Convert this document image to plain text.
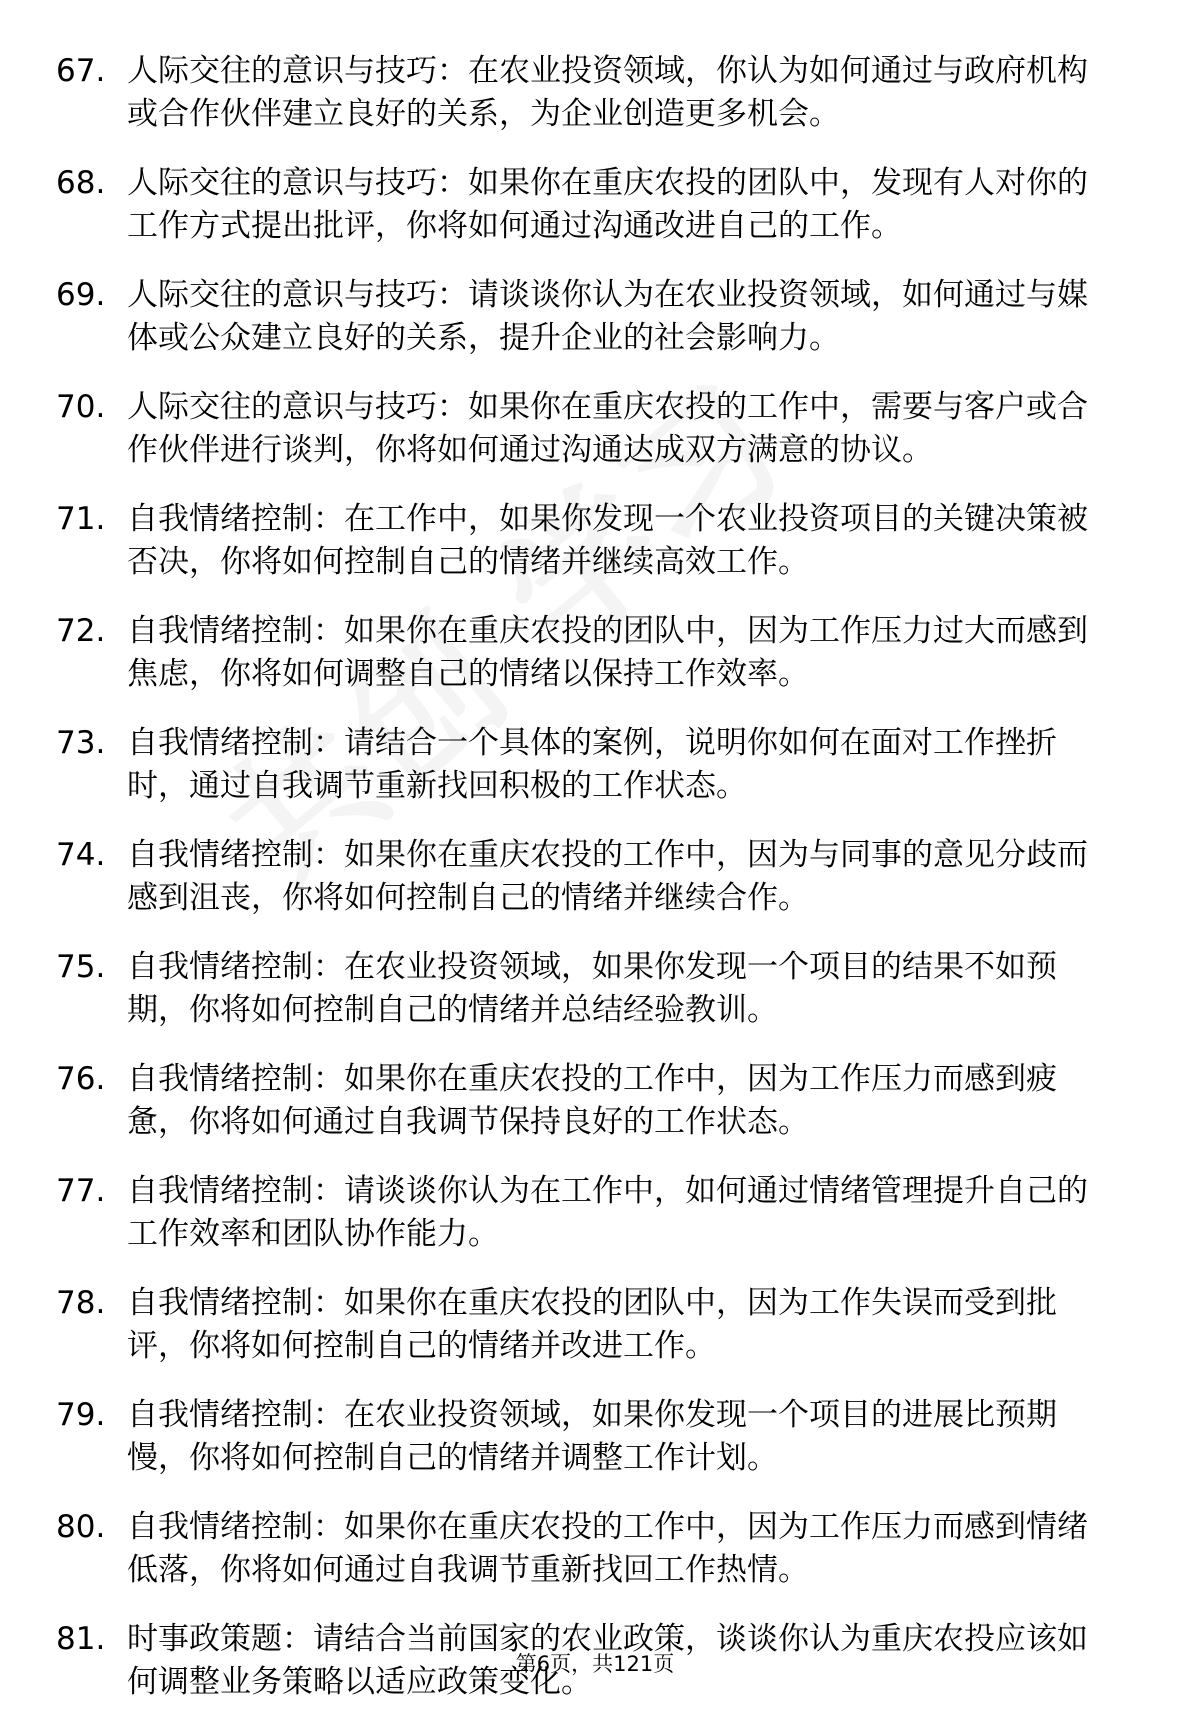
67. 人际交往的意识与技巧：在农业投资领域，你认为如何通过与政府机构或合作伙伴建立良好的关系，为企业创造更多机会。
68. 人际交往的意识与技巧：如果你在重庆农投的团队中，发现有人对你的工作方式提出批评，你将如何通过沟通改进自己的工作。
69. 人际交往的意识与技巧：请谈谈你认为在农业投资领域，如何通过与媒体或公众建立良好的关系，提升企业的社会影响力。
70. 人际交往的意识与技巧：如果你在重庆农投的工作中，需要与客户或合作伙伴进行谈判，你将如何通过沟通达成双方满意的协议。
71. 自我情绪控制：在工作中，如果你发现一个农业投资项目的关键决策被否决，你将如何控制自己的情绪并继续高效工作。
72. 自我情绪控制：如果你在重庆农投的团队中，因为工作压力过大而感到焦虑，你将如何调整自己的情绪以保持工作效率。
73. 自我情绪控制：请结合一个具体的案例，说明你如何在面对工作挫折时，通过自我调节重新找回积极的工作状态。
74. 自我情绪控制：如果你在重庆农投的工作中，因为与同事的意见分歧而感到沮丧，你将如何控制自己的情绪并继续合作。
75. 自我情绪控制：在农业投资领域，如果你发现一个项目的结果不如预期，你将如何控制自己的情绪并总结经验教训。
76. 自我情绪控制：如果你在重庆农投的工作中，因为工作压力而感到疲惫，你将如何通过自我调节保持良好的工作状态。
77. 自我情绪控制：请谈谈你认为在工作中，如何通过情绪管理提升自己的工作效率和团队协作能力。
78. 自我情绪控制：如果你在重庆农投的团队中，因为工作失误而受到批评，你将如何控制自己的情绪并改进工作。
79. 自我情绪控制：在农业投资领域，如果你发现一个项目的进展比预期慢，你将如何控制自己的情绪并调整工作计划。
80. 自我情绪控制：如果你在重庆农投的工作中，因为工作压力而感到情绪低落，你将如何通过自我调节重新找回工作热情。
81. 时事政策题：请结合当前国家的农业政策，谈谈你认为重庆农投应该如何调整业务策略以适应政策变化。
第6页，共121页
